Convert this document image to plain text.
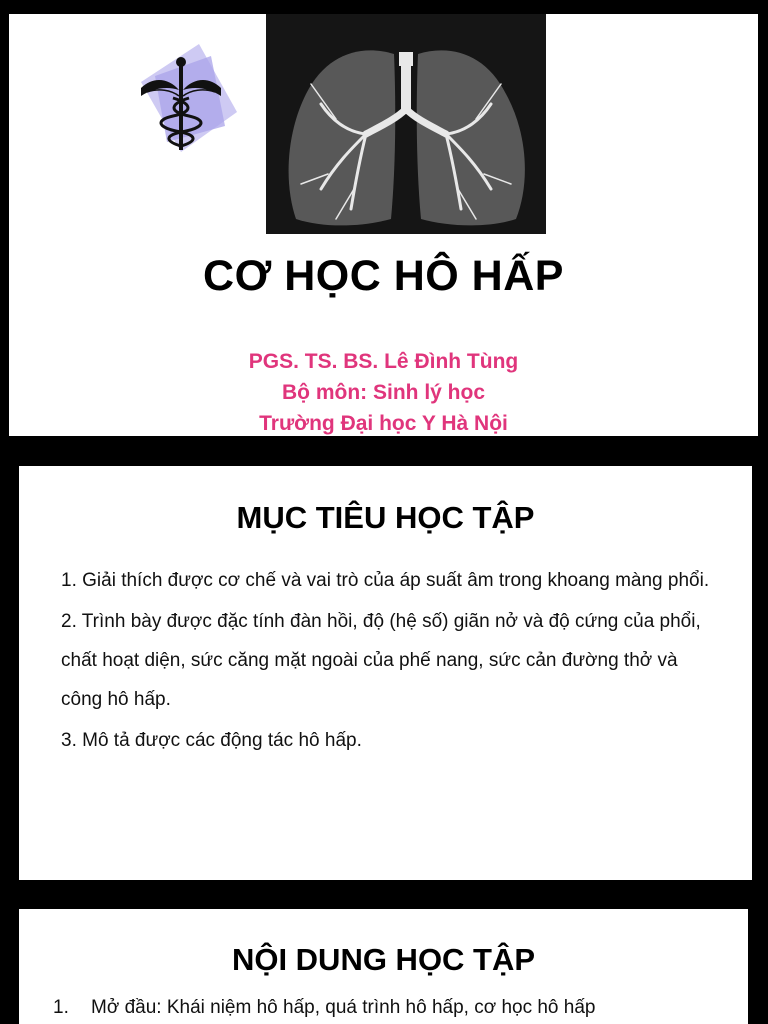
CƠ HỌC HÔ HẤP
PGS. TS. BS. Lê Đình Tùng
Bộ môn: Sinh lý học
Trường Đại học Y Hà Nội
MỤC TIÊU HỌC TẬP

1. Giải thích được cơ chế và vai trò của áp suất âm trong khoang màng phổi.

2. Trình bày được đặc tính đàn hồi, độ (hệ số) giãn nở và độ cứng của phổi, chất hoạt diện, sức căng mặt ngoài của phế nang, sức cản đường thở và công hô hấp.

3. Mô tả được các động tác hô hấp.

NỘI DUNG HỌC TẬP
1. Mở đầu: Khái niệm hô hấp, quá trình hô hấp, cơ học hô hấp
